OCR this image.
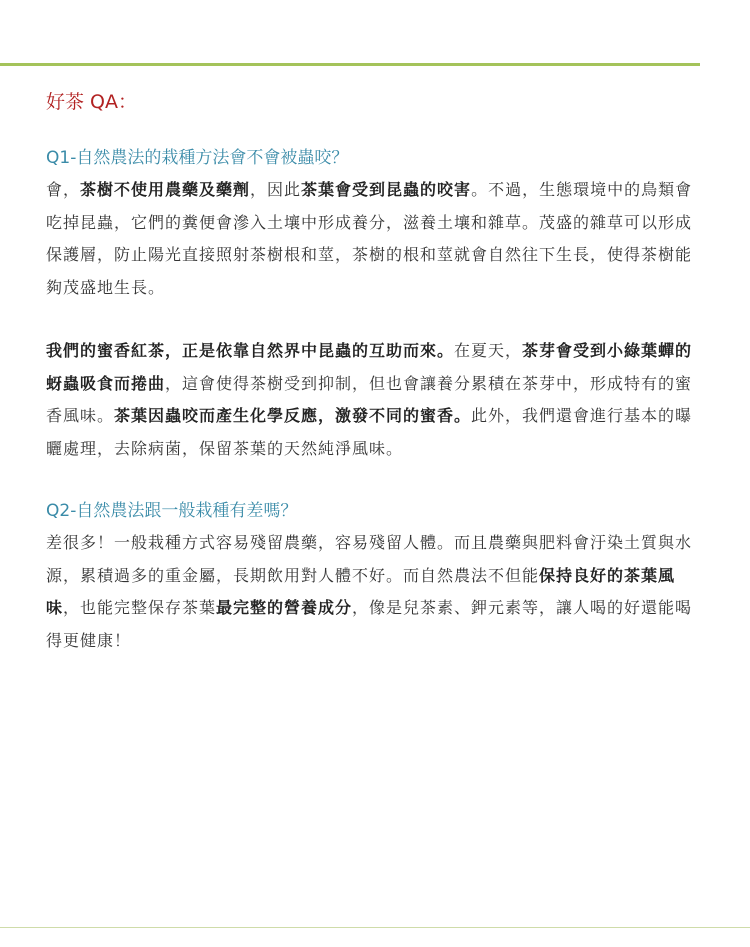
好茶 QA：
Q1-自然農法的栽種方法會不會被蟲咬？

會，茶樹不使用農藥及藥劑，因此茶葉會受到昆蟲的咬害。不過，生態環境中的鳥類會吃掉昆蟲，它們的糞便會滲入土壤中形成養分，滋養土壤和雜草。茂盛的雜草可以形成保護層，防止陽光直接照射茶樹根和莖，茶樹的根和莖就會自然往下生長，使得茶樹能夠茂盛地生長。

我們的蜜香紅茶，正是依靠自然界中昆蟲的互助而來。在夏天，茶芽會受到小綠葉蟬的蚜蟲吸食而捲曲，這會使得茶樹受到抑制，但也會讓養分累積在茶芽中，形成特有的蜜香風味。茶葉因蟲咬而產生化學反應，激發不同的蜜香。此外，我們還會進行基本的曝曬處理，去除病菌，保留茶葉的天然純淨風味。

Q2-自然農法跟一般栽種有差嗎？

差很多！一般栽種方式容易殘留農藥，容易殘留人體。而且農藥與肥料會汙染土質與水源，累積過多的重金屬，長期飲用對人體不好。而自然農法不但能保持良好的茶葉風味，也能完整保存茶葉最完整的營養成分，像是兒茶素、鉀元素等，讓人喝的好還能喝得更健康！
